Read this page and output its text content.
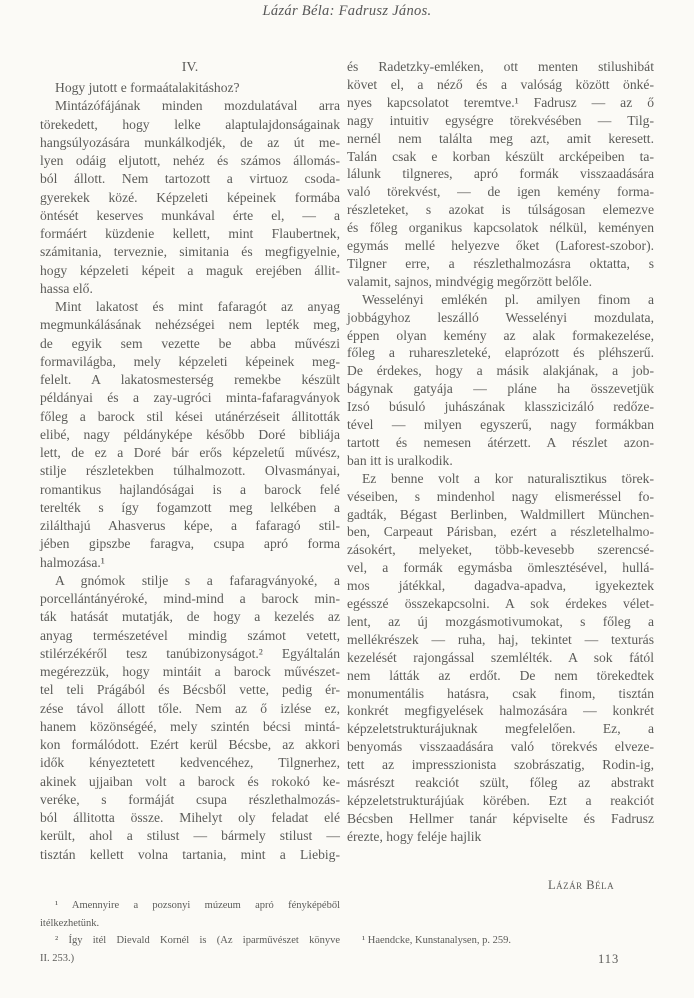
Lázár Béla: Fadrusz János.
IV.
Hogy jutott e formaátalakitáshoz?
Mintázófájának minden mozdulatával arra
törekedett, hogy lelke alaptulajdonságainak
hangsúlyozására munkálkodjék, de az út me-
lyen odáig eljutott, nehéz és számos állomás-
ból állott. Nem tartozott a virtuoz csoda-
gyerekek közé. Képzeleti képeinek formába
öntését keserves munkával érte el, — a
formáért küzdenie kellett, mint Flaubertnek,
számitania, terveznie, simitania és megfigyelnie,
hogy képzeleti képeit a maguk erejében állit-
hassa elő.
Mint lakatost és mint fafaragót az anyag
megmunkálásának nehézségei nem lepték meg,
de egyik sem vezette be abba művészi
formavilágba, mely képzeleti képeinek meg-
felelt. A lakatosmesterség remekbe készült
példányai és a zay-ugróci minta-fafaragványok
főleg a barock stil kései utánérzéseit állitották
elibé, nagy példányképe később Doré bibliája
lett, de ez a Doré bár erős képzeletű művész,
stilje részletekben túlhalmozott. Olvasmányai,
romantikus hajlandóságai is a barock felé
terelték s így fogamzott meg lelkében a
zilálthajú Ahasverus képe, a fafaragó stil-
jében gipszbe faragva, csupa apró forma
halmozása.¹
A gnómok stilje s a fafaragványoké, a
porcellántányéroké, mind-mind a barock min-
ták hatását mutatják, de hogy a kezelés az
anyag természetével mindig számot vetett,
stilérzékéről tesz tanúbizonyságot.² Egyáltalán
megérezzük, hogy mintáit a barock művészet-
tel teli Prágából és Bécsből vette, pedig ér-
zése távol állott tőle. Nem az ő izlése ez,
hanem közönségéé, mely szintén bécsi mintá-
kon formálódott. Ezért kerül Bécsbe, az akkori
idők kényeztetett kedvencéhez, Tilgnerhez,
akinek ujjaiban volt a barock és rokokó ke-
veréke, s formáját csupa részlethalmozás-
ból állitotta össze. Mihelyt oly feladat elé
került, ahol a stilust — bármely stilust —
tisztán kellett volna tartania, mint a Liebig-
¹ Amennyire a pozsonyi múzeum apró fényképéből
itélkezhetünk.
² Így itél Dievald Kornél is (Az iparművészet könyve
II. 253.)
és Radetzky-emléken, ott menten stilushibát
követ el, a néző és a valóság között önké-
nyes kapcsolatot teremtve.¹ Fadrusz — az ő
nagy intuitiv egységre törekvésében — Tilg-
nernél nem találta meg azt, amit keresett.
Talán csak e korban készült arcképeiben ta-
lálunk tilgneres, apró formák visszaadására
való törekvést, — de igen kemény forma-
részleteket, s azokat is túlságosan elemezve
és főleg organikus kapcsolatok nélkül, keményen
egymás mellé helyezve őket (Laforest-szobor).
Tilgner erre, a részlethalmozásra oktatta, s
valamit, sajnos, mindvégig megőrzött belőle.
Wesselényi emlékén pl. amilyen finom a
jobbágyhoz leszálló Wesselényi mozdulata,
éppen olyan kemény az alak formakezelése,
főleg a ruhareszleteké, elaprózott és pléhszerű.
De érdekes, hogy a másik alakjának, a job-
bágynak gatyája — pláne ha összevetjük
Izsó búsuló juhászának klasszicizáló redőze-
tével — milyen egyszerű, nagy formákban
tartott és nemesen átérzett. A részlet azon-
ban itt is uralkodik.
Ez benne volt a kor naturalisztikus törek-
véseiben, s mindenhol nagy elismeréssel fo-
gadták, Bégast Berlinben, Waldmillert München-
ben, Carpeaut Párisban, ezért a részletelhalmo-
zásokért, melyeket, több-kevesebb szerencsé-
vel, a formák egymásba ömlesztésével, hullá-
mos játékkal, dagadva-apadva, igyekeztek
egésszé összekapcsolni. A sok érdekes vélet-
lent, az új mozgásmotivumokat, s főleg a
mellékrészek — ruha, haj, tekintet — texturás
kezelését rajongással szemlélték. A sok fától
nem látták az erdőt. De nem törekedtek
monumentális hatásra, csak finom, tisztán
konkrét megfigyelések halmozására — konkrét
képzeletstrukturájuknak megfelelően. Ez, a
benyomás visszaadására való törekvés elveze-
tett az impresszionista szobrászatig, Rodin-ig,
másrészt reakciót szült, főleg az abstrakt
képzeletstrukturájúak körében. Ezt a reakciót
Bécsben Hellmer tanár képviselte és Fadrusz
érezte, hogy feléje hajlik
¹ Haendcke, Kunstanalysen, p. 259.
Lázár Béla
113
